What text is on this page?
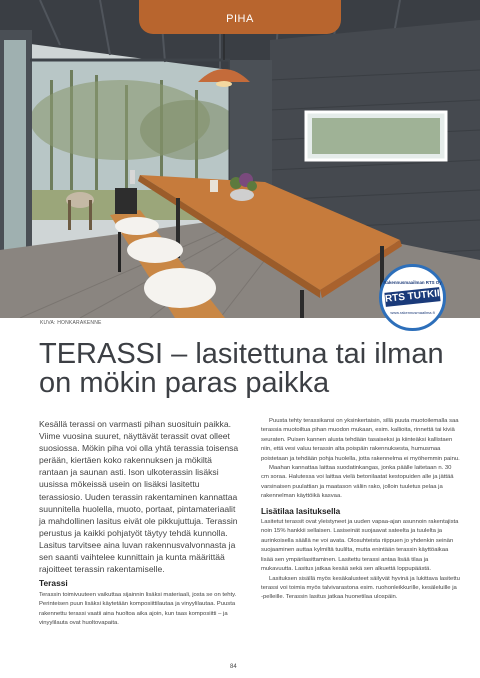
PIHA
Rakennusmaailman RTS Oy
RTS TUTKII
www.rakennusmaailma.fi
KUVA: HONKARAKENNE
TERASSI – lasitettuna tai ilman
on mökin paras paikka
Kesällä terassi on varmasti pihan suosituin paikka. Viime vuosina suuret, näyttävät terassit ovat olleet suosiossa. Mökin piha voi olla yhtä terassia toisensa perään, kiertäen koko rakennuksen ja mökiltä rantaan ja saunan asti. Ison ulkoterassin lisäksi uusissa mökeissä usein on lisäksi lasitettu terassiosio. Uuden terassin rakentaminen kannattaa suunnitella huolella, muoto, portaat, pintamateriaalit ja mahdollinen lasitus eivät ole pikkujuttuja. Terassin perustus ja kaikki pohjatyöt täytyy tehdä kunnolla. Lasitus tarvitsee aina luvan rakennusvalvonnasta ja sen saanti vaihtelee kunnittain ja kunta määrittää rajoitteet terassin rakentamiselle.
Terassi
Terassin toimivuuteen vaikuttaa sijainnin lisäksi materiaali, josta se on tehty. Perinteisen puun lisäksi käytetään komposiittilautaa ja vinyylilautaa. Puusta rakennettu terassi vaatii aina huoltoa aika ajoin, kun taas komposiitti – ja vinyylilauta ovat huoltovapaita.

Puusta tehty terassikansi on yksinkertaisin, sillä puuta muotoilemalla saa terassia muotoiltua pihan muodon mukaan, esim. kallioita, rinnettä tai kiviä seuraten. Puisen kannen alusta tehdään tasaiseksi ja kiinteäksi kallistaen niin, että vesi valuu terassin alta poispäin rakennuksesta, humusmaa poistetaan ja tehdään pohja huolella, jotta rakennelma ei myöhemmin painu.

Maahan kannattaa laittaa suodatinkangas, jonka päälle laitetaan n. 30 cm soraa. Halutessa voi laittaa vielä betonilaatat kestopuiden alle ja jättää varsinaisen puulattian ja maatason väliin rako, jolloin tuuletus pelaa ja rakennelman käyttöikä kasvaa.

Lisätilaa lasituksella

Lasitetut terassit ovat yleistyneet ja uuden vapaa-ajan asunnoin rakentajista noin 15% hankkii sellaisen. Lasiseinät suojaavat sateelta ja tuulelta ja aurinkoisella säällä ne voi avata. Olosuhteista riippuen jo yhdenkin seinän suojaaminen auttaa kylmiltä tuulilta, mutta enintään terassin käyttöaikaa lisää sen ympärilasittaminen. Lasitettu terassi antaa lisää tilaa ja mukavuutta. Lasitus jatkaa kesää sekä sen alkuettä loppupäästä.

Lasituksen sisällä myös kesäkalusteet säilyvät hyvinä ja lukittava lasitettu terassi voi toimia myös talvivarastona esim. ruohonleikkurille, kesäleluille ja -pelleille. Terassin lasitus jatkaa huonetilaa ulospäin.

84
